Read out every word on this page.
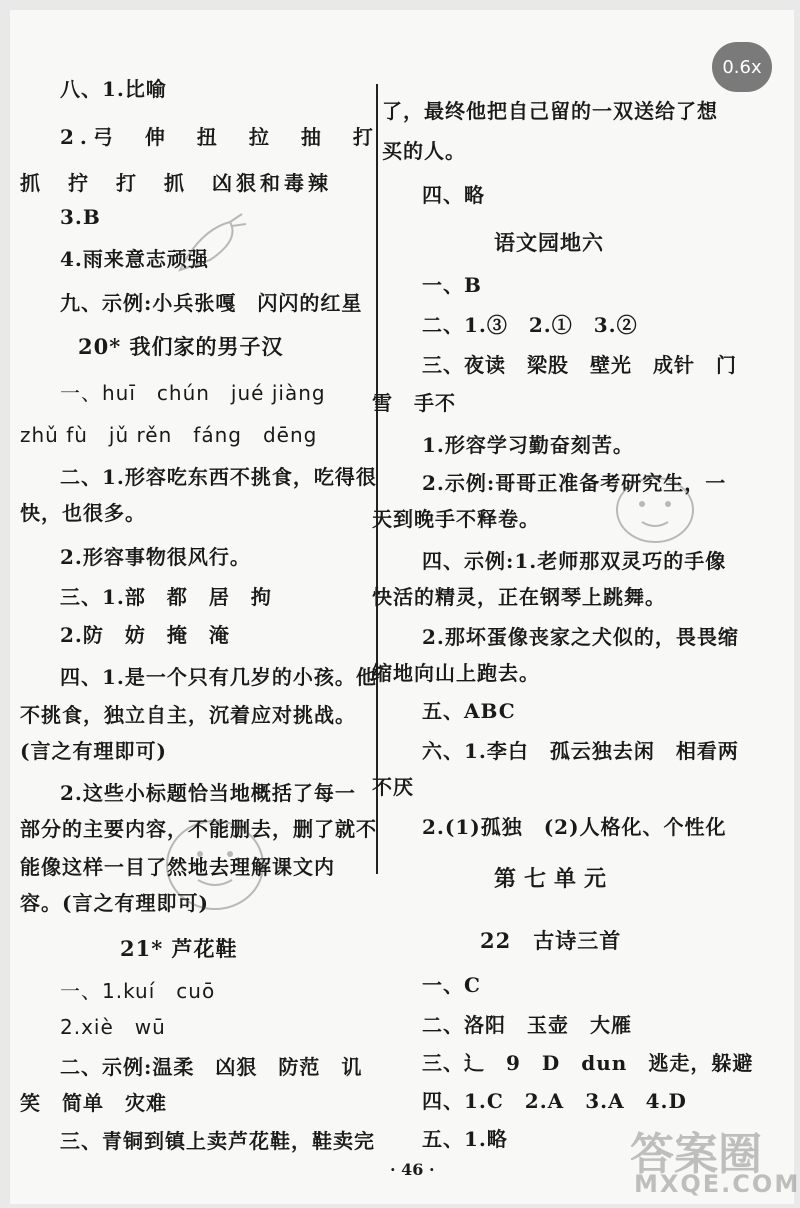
八、1.比喻
2.弓　伸　扭　拉　抽　打
抓　拧　打　抓　凶狠和毒辣
3.B
4.雨来意志顽强
九、示例:小兵张嘎　闪闪的红星
20* 我们家的男子汉
一、huī　chún　jué jiàng
zhǔ fù　jǔ rěn　fáng　dēng
二、1.形容吃东西不挑食，吃得很
快，也很多。
2.形容事物很风行。
三、1.部　都　居　拘
2.防　妨　掩　淹
四、1.是一个只有几岁的小孩。他
不挑食，独立自主，沉着应对挑战。
(言之有理即可)
2.这些小标题恰当地概括了每一
部分的主要内容，不能删去，删了就不
能像这样一目了然地去理解课文内
容。(言之有理即可)
21* 芦花鞋
一、1.kuí　cuō
2.xiè　wū
二、示例:温柔　凶狠　防范　讥
笑　简单　灾难
三、青铜到镇上卖芦花鞋，鞋卖完
了，最终他把自己留的一双送给了想
买的人。
四、略
语文园地六
一、B
二、1.③　2.①　3.②
三、夜读　梁股　壁光　成针　门
雪　手不
1.形容学习勤奋刻苦。
2.示例:哥哥正准备考研究生，一
天到晚手不释卷。
四、示例:1.老师那双灵巧的手像
快活的精灵，正在钢琴上跳舞。
2.那坏蛋像丧家之犬似的，畏畏缩
缩地向山上跑去。
五、ABC
六、1.李白　孤云独去闲　相看两
不厌
2.(1)孤独　(2)人格化、个性化
第七单元
22　古诗三首
一、C
二、洛阳　玉壶　大雁
三、辶　9　D　dun　逃走，躲避
四、1.C　2.A　3.A　4.D
五、1.略
· 46 ·	答案圈
MXQE.COM
0.6x
